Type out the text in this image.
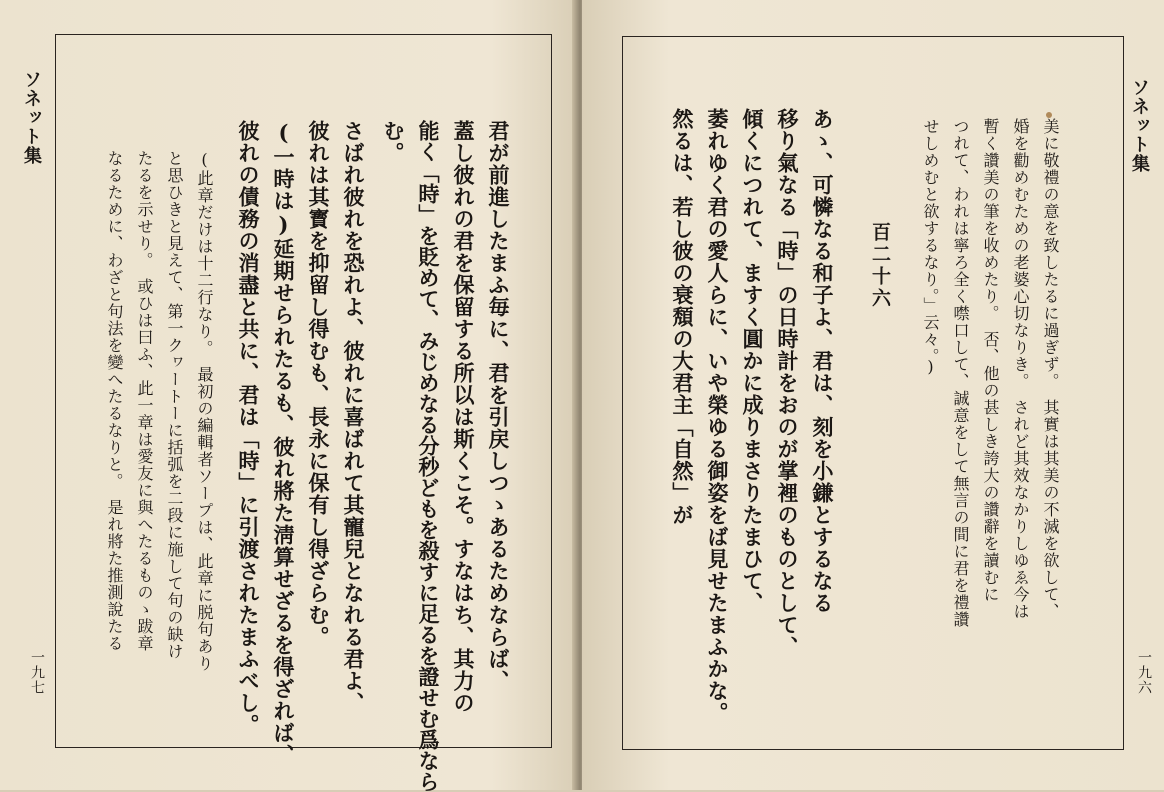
ソネット集
一九七	君が前進したまふ毎に、君を引戻しつゝあるためならば、
蓋し彼れの君を保留する所以は斯くこそ。すなはち、其力の
能く「時」を貶めて、みじめなる分秒どもを殺すに足るを證せむ爲なら
む。
さばれ彼れを恐れよ、彼れに喜ばれて其寵兒となれる君よ、
彼れは其寳を抑留し得むも、長永に保有し得ざらむ。
(一時は)延期せられたるも、彼れ將た淸算せざるを得ざれば、
彼れの債務の消盡と共に、君は「時」に引渡されたまふべし。
(此章だけは十二行なり。　最初の編輯者ソープは、此章に脱句あり
と思ひきと見えて、第一クヮートーに括弧を二段に施して句の缺け
たるを示せり。　或ひは曰ふ、此一章は愛友に與へたるものゝ跋章
なるために、わざと句法を變へたるなりと。　是れ將た推測說たる
ソネット集
一九六
美に敬禮の意を致したるに過ぎず。　其實は其美の不滅を欲して、
婚を勸めむための老婆心切なりき。　されど其效なかりしゆゑ今は
暫く讚美の筆を收めたり。　否、他の甚しき誇大の讚辭を讀むに
つれて、われは寧ろ全く噤口して、誠意をして無言の間に君を禮讚
せしめむと欲するなり。」云々。)
百二十六
あゝ、可憐なる和子よ、君は、刻を小鎌とするなる
移り氣なる「時」の日時計をおのが掌裡のものとして、
傾くにつれて、ますく圓かに成りまさりたまひて、
萎れゆく君の愛人らに、いや榮ゆる御姿をば見せたまふかな。
然るは、若し彼の衰頽の大君主「自然」が
